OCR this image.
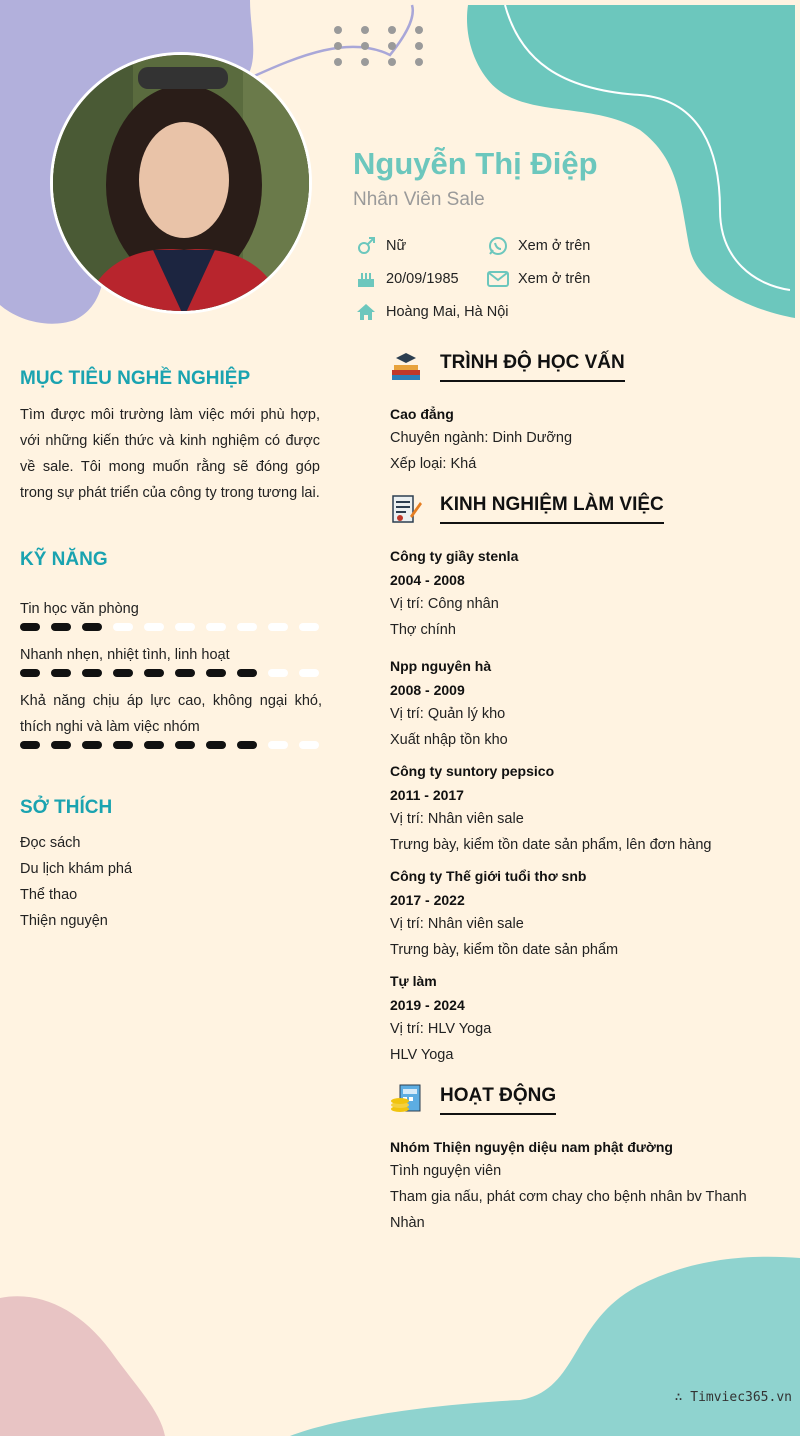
Nguyễn Thị Điệp
Nhân Viên Sale
Nữ	Xem ở trên
20/09/1985	Xem ở trên
Hoàng Mai, Hà Nội
MỤC TIÊU NGHỀ NGHIỆP
Tìm được môi trường làm việc mới phù hợp, với những kiến thức và kinh nghiệm có được về sale. Tôi mong muốn rằng sẽ đóng góp trong sự phát triển của công ty trong tương lai.
KỸ NĂNG
Tin học văn phòng
Nhanh nhẹn, nhiệt tình, linh hoạt
Khả năng chịu áp lực cao, không ngại khó, thích nghi và làm việc nhóm
SỞ THÍCH
Đọc sách
Du lịch khám phá
Thể thao
Thiện nguyện
TRÌNH ĐỘ HỌC VẤN
Cao đẳng
Chuyên ngành: Dinh Dưỡng
Xếp loại: Khá
KINH NGHIỆM LÀM VIỆC
Công ty giầy stenla
2004 - 2008
Vị trí: Công nhân
Thợ chính
Npp nguyên hà
2008 - 2009
Vị trí: Quản lý kho
Xuất nhập tồn kho
Công ty suntory pepsico
2011 - 2017
Vị trí: Nhân viên sale
Trưng bày, kiểm tồn date sản phẩm, lên đơn hàng
Công ty Thế giới tuổi thơ snb
2017 - 2022
Vị trí: Nhân viên sale
Trưng bày, kiểm tồn date sản phẩm
Tự làm
2019 - 2024
Vị trí: HLV Yoga
HLV Yoga
HOẠT ĐỘNG
Nhóm Thiện nguyện diệu nam phật đường
Tình nguyện viên
Tham gia nấu, phát cơm chay cho bệnh nhân bv Thanh
Nhàn
∴ Timviec365.vn
